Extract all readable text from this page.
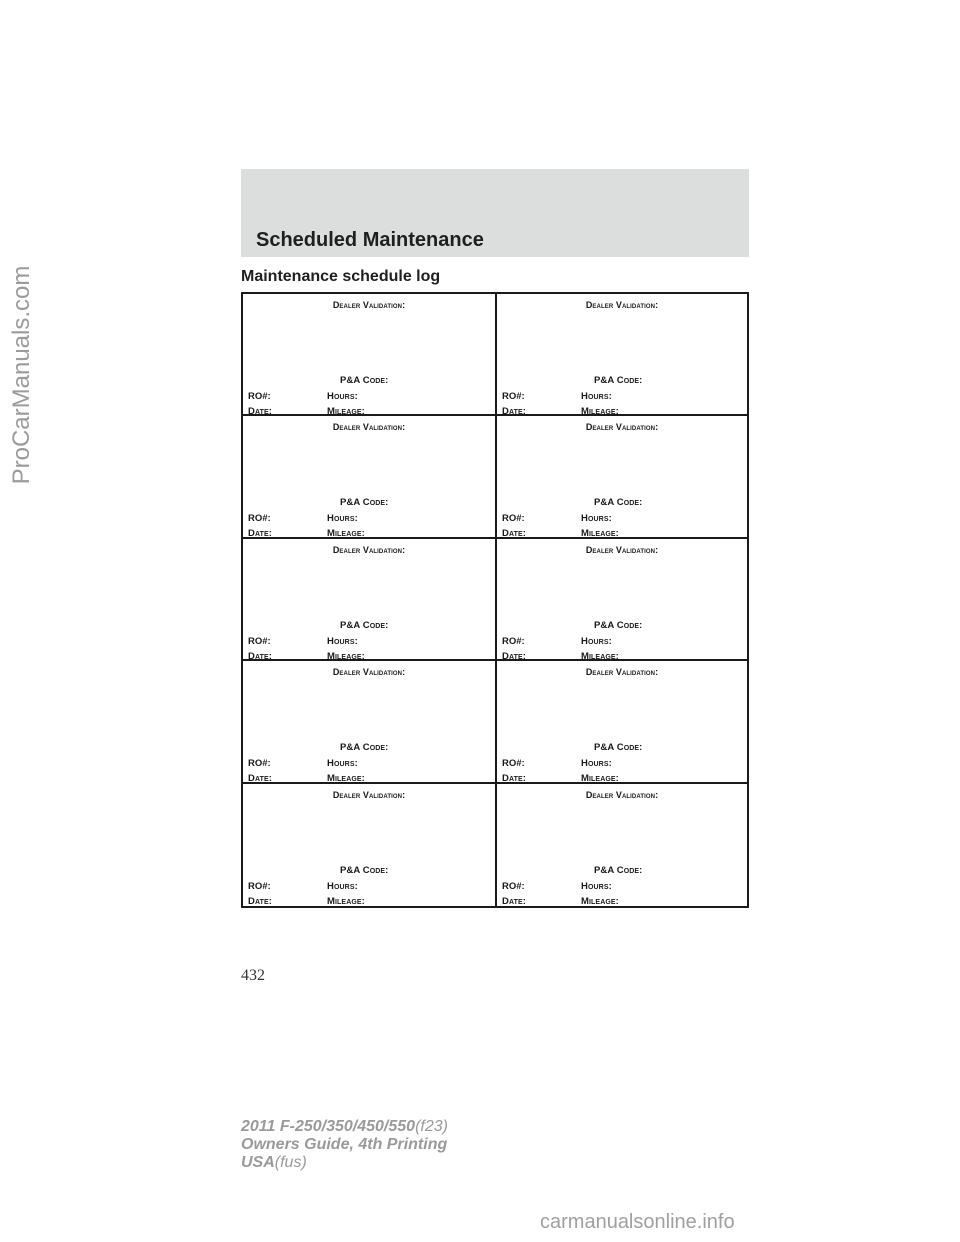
Scheduled Maintenance
Maintenance schedule log
Dealer Validation:
P&A Code:
RO#:	Hours:
Date:	Mileage:
Dealer Validation:
P&A Code:
RO#:	Hours:
Date:	Mileage:
Dealer Validation:
P&A Code:
RO#:	Hours:
Date:	Mileage:
Dealer Validation:
P&A Code:
RO#:	Hours:
Date:	Mileage:
Dealer Validation:
P&A Code:
RO#:	Hours:
Date:	Mileage:
Dealer Validation:
P&A Code:
RO#:	Hours:
Date:	Mileage:
Dealer Validation:
P&A Code:
RO#:	Hours:
Date:	Mileage:
Dealer Validation:
P&A Code:
RO#:	Hours:
Date:	Mileage:
Dealer Validation:
P&A Code:
RO#:	Hours:
Date:	Mileage:
Dealer Validation:
P&A Code:
RO#:	Hours:
Date:	Mileage:
432
2011 F-250/350/450/550(f23)
Owners Guide, 4th Printing
USA(fus)
ProCarManuals.com
carmanualsonline.info
